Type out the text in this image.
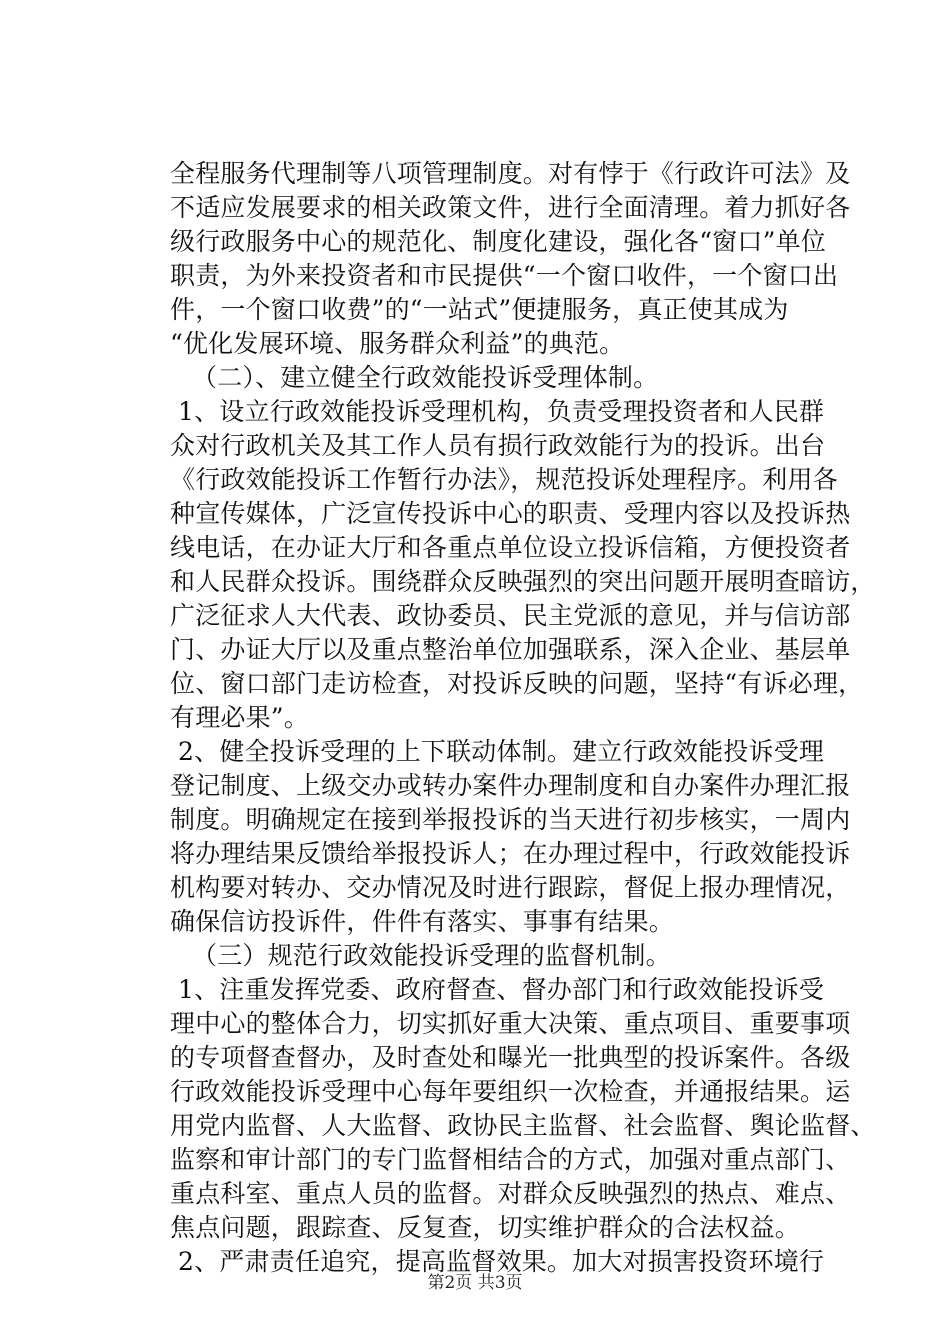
全程服务代理制等八项管理制度。对有悖于《行政许可法》及
不适应发展要求的相关政策文件，进行全面清理。着力抓好各
级行政服务中心的规范化、制度化建设，强化各“窗口”单位
职责，为外来投资者和市民提供“一个窗口收件，一个窗口出
件，一个窗口收费”的“一站式”便捷服务，真正使其成为
“优化发展环境、服务群众利益”的典范。
（二）、建立健全行政效能投诉受理体制。
1、设立行政效能投诉受理机构，负责受理投资者和人民群
众对行政机关及其工作人员有损行政效能行为的投诉。出台
《行政效能投诉工作暂行办法》，规范投诉处理程序。利用各
种宣传媒体，广泛宣传投诉中心的职责、受理内容以及投诉热
线电话，在办证大厅和各重点单位设立投诉信箱，方便投资者
和人民群众投诉。围绕群众反映强烈的突出问题开展明查暗访，
广泛征求人大代表、政协委员、民主党派的意见，并与信访部
门、办证大厅以及重点整治单位加强联系，深入企业、基层单
位、窗口部门走访检查，对投诉反映的问题，坚持“有诉必理，
有理必果”。
2、健全投诉受理的上下联动体制。建立行政效能投诉受理
登记制度、上级交办或转办案件办理制度和自办案件办理汇报
制度。明确规定在接到举报投诉的当天进行初步核实，一周内
将办理结果反馈给举报投诉人；在办理过程中，行政效能投诉
机构要对转办、交办情况及时进行跟踪，督促上报办理情况，
确保信访投诉件，件件有落实、事事有结果。
（三）规范行政效能投诉受理的监督机制。
1、注重发挥党委、政府督查、督办部门和行政效能投诉受
理中心的整体合力，切实抓好重大决策、重点项目、重要事项
的专项督查督办，及时查处和曝光一批典型的投诉案件。各级
行政效能投诉受理中心每年要组织一次检查，并通报结果。运
用党内监督、人大监督、政协民主监督、社会监督、舆论监督、
监察和审计部门的专门监督相结合的方式，加强对重点部门、
重点科室、重点人员的监督。对群众反映强烈的热点、难点、
焦点问题，跟踪查、反复查，切实维护群众的合法权益。
2、严肃责任追究，提高监督效果。加大对损害投资环境行
第2页 共3页
